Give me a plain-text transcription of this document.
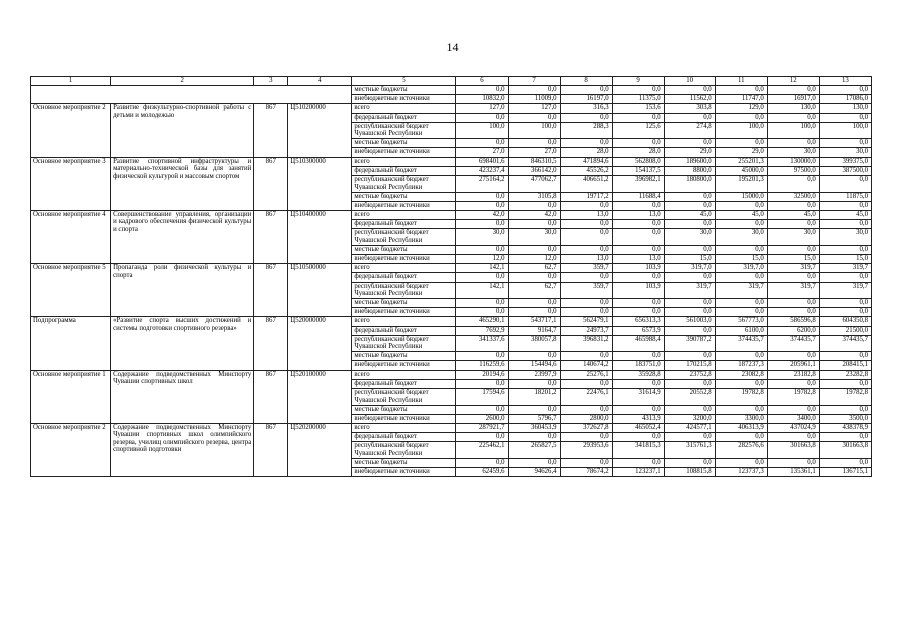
14
1	2	3	4	5	6	7	8	9	10	11	12	13
				местные бюджеты	0,0	0,0	0,0	0,0	0,0	0,0	0,0	0,0
				внебюджетные источники	10832,0	11009,0	16197,0	11375,0	11562,0	11747,0	16917,0	17086,0
Основное мероприятие 2	Развитие физкультурно-спортивной работы с детьми и молодежью	867	Ц510200000	всего	127,0	127,0	316,3	153,6	303,8	129,0	130,0	130,0
				федеральный бюджет	0,0	0,0	0,0	0,0	0,0	0,0	0,0	0,0
				республиканский бюджет Чувашской Республики	100,0	100,0	288,3	125,6	274,8	100,0	100,0	100,0
				местные бюджеты	0,0	0,0	0,0	0,0	0,0	0,0	0,0	0,0
				внебюджетные источники	27,0	27,0	28,0	28,0	29,0	29,0	30,0	30,0
Основное мероприятие 3	Развитие спортивной инфраструктуры и материально-технической базы для занятий физической культурой и массовым спортом	867	Ц510300000	всего	698401,6	846310,5	471894,6	562808,0	189600,0	255201,3	130000,0	399375,0
				федеральный бюджет	423237,4	366142,0	45526,2	154137,5	8800,0	45000,0	97500,0	387500,0
				республиканский бюджет Чувашской Республики	275164,2	477062,7	406651,2	396982,1	180800,0	195201,3	0,0	0,0
				местные бюджеты	0,0	3105,8	19717,2	11688,4	0,0	15000,0	32500,0	11875,0
				внебюджетные источники	0,0	0,0	0,0	0,0	0,0	0,0	0,0	0,0
Основное мероприятие 4	Совершенствование управления, организации и кадрового обеспечения физической культуры и спорта	867	Ц510400000	всего	42,0	42,0	13,0	13,0	45,0	45,0	45,0	45,0
				федеральный бюджет	0,0	0,0	0,0	0,0	0,0	0,0	0,0	0,0
				республиканский бюджет Чувашской Республики	30,0	30,0	0,0	0,0	30,0	30,0	30,0	30,0
				местные бюджеты	0,0	0,0	0,0	0,0	0,0	0,0	0,0	0,0
				внебюджетные источники	12,0	12,0	13,0	13,0	15,0	15,0	15,0	15,0
Основное мероприятие 5	Пропаганда роли физической культуры и спорта	867	Ц510500000	всего	142,1	62,7	359,7	103,9	319,7,0	319,7,0	319,7	319,7
				федеральный бюджет	0,0	0,0	0,0	0,0	0,0	0,0	0,0	0,0
				республиканский бюджет Чувашской Республики	142,1	62,7	359,7	103,9	319,7	319,7	319,7	319,7
				местные бюджеты	0,0	0,0	0,0	0,0	0,0	0,0	0,0	0,0
				внебюджетные источники	0,0	0,0	0,0	0,0	0,0	0,0	0,0	0,0
Подпрограмма	«Развитие спорта высших достижений и системы подготовки спортивного резерва»	867	Ц520000000	всего	465290,1	543717,1	562479,1	656313,3	561003,0	567773,0	586596,8	604350,8
				федеральный бюджет	7692,9	9164,7	24973,7	6573,9	0,0	6100,0	6200,0	21500,0
				республиканский бюджет Чувашской Республики	341337,6	380057,8	396831,2	465988,4	390787,2	374435,7	374435,7	374435,7
				местные бюджеты	0,0	0,0	0,0	0,0	0,0	0,0	0,0	0,0
				внебюджетные источники	116259,6	154494,6	140674,2	183751,0	170215,8	187237,3	205961,1	208415,1
Основное мероприятие 1	Содержание подведомственных Минспорту Чувашии спортивных школ	867	Ц520100000	всего	20194,6	23997,9	25276,1	35928,8	23752,8	23082,8	23182,8	23282,8
				федеральный бюджет	0,0	0,0	0,0	0,0	0,0	0,0	0,0	0,0
				республиканский бюджет Чувашской Республики	17594,6	18201,2	22476,1	31614,9	20552,8	19782,8	19782,8	19782,8
				местные бюджеты	0,0	0,0	0,0	0,0	0,0	0,0	0,0	0,0
				внебюджетные источники	2600,0	5796,7	2800,0	4313,9	3200,0	3300,0	3400,0	3500,0
Основное мероприятие 2	Содержание подведомственных Минспорту Чувашии спортивных школ олимпийского резерва, училищ олимпийского резерва, центра спортивной подготовки	867	Ц520200000	всего	287921,7	360453,9	372627,8	465052,4	424577,1	406313,9	437024,9	438378,9
				федеральный бюджет	0,0	0,0	0,0	0,0	0,0	0,0	0,0	0,0
				республиканский бюджет Чувашской Республики	225462,1	265827,5	293953,6	341815,3	315761,3	282576,6	301663,8	301663,8
				местные бюджеты	0,0	0,0	0,0	0,0	0,0	0,0	0,0	0,0
				внебюджетные источники	62459,6	94626,4	78674,2	123237,1	108815,8	123737,3	135361,1	136715,1
